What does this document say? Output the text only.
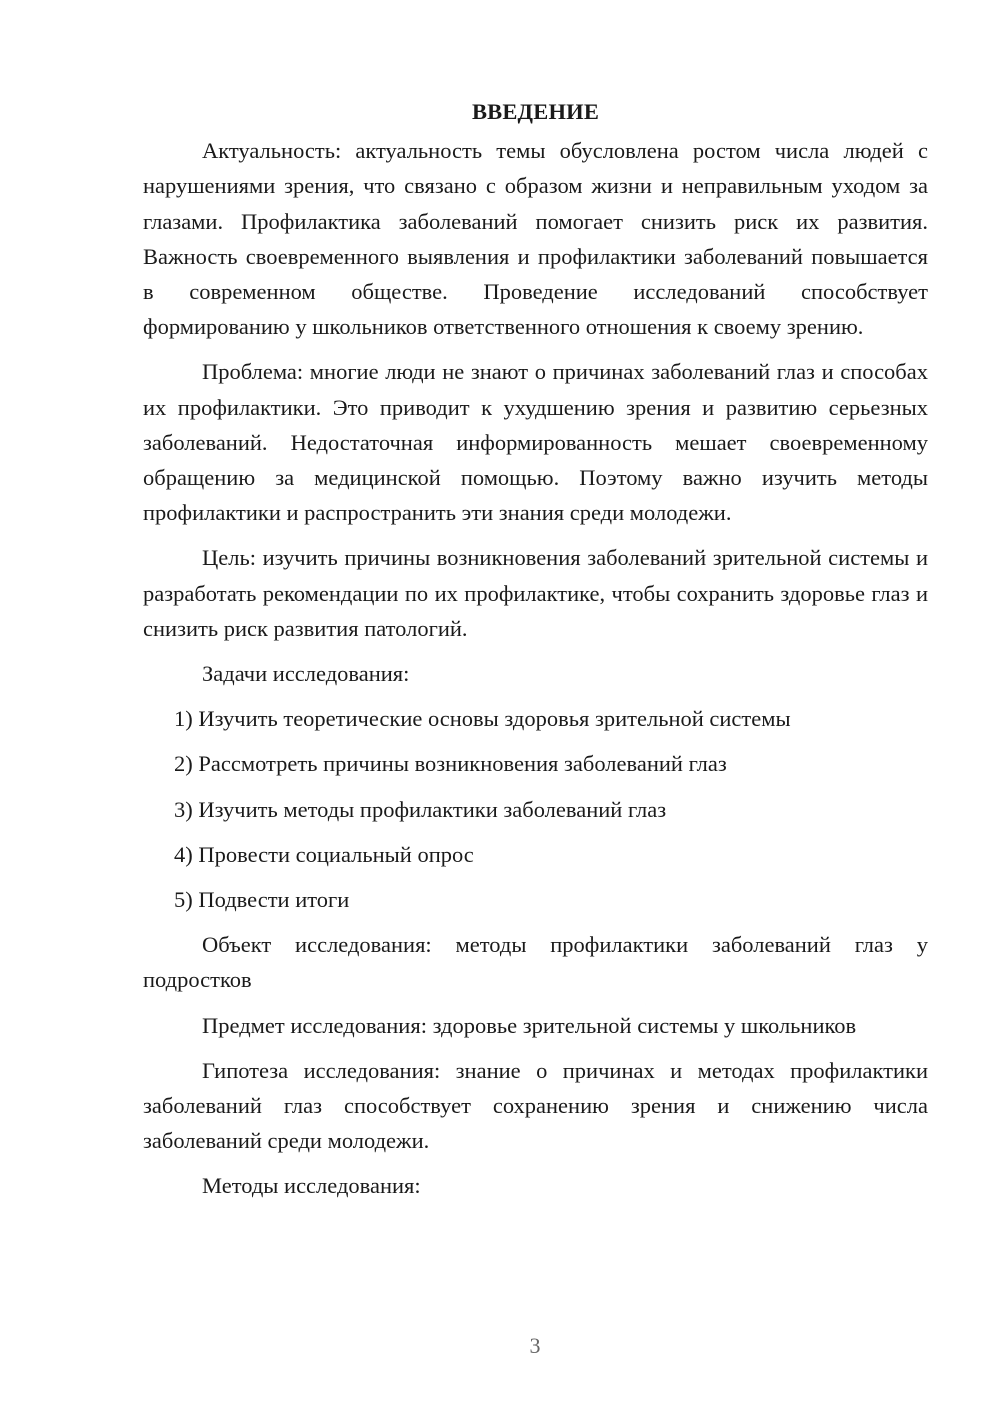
ВВЕДЕНИЕ

Актуальность: актуальность темы обусловлена ростом числа людей с нарушениями зрения, что связано с образом жизни и неправильным уходом за глазами. Профилактика заболеваний помогает снизить риск их развития. Важность своевременного выявления и профилактики заболеваний повышается в современном обществе. Проведение исследований способствует формированию у школьников ответственного отношения к своему зрению.

Проблема: многие люди не знают о причинах заболеваний глаз и способах их профилактики. Это приводит к ухудшению зрения и развитию серьезных заболеваний. Недостаточная информированность мешает своевременному обращению за медицинской помощью. Поэтому важно изучить методы профилактики и распространить эти знания среди молодежи.

Цель: изучить причины возникновения заболеваний зрительной системы и разработать рекомендации по их профилактике, чтобы сохранить здоровье глаз и снизить риск развития патологий.

Задачи исследования:

1) Изучить теоретические основы здоровья зрительной системы
2) Рассмотреть причины возникновения заболеваний глаз
3) Изучить методы профилактики заболеваний глаз
4) Провести социальный опрос
5) Подвести итоги

Объект исследования: методы профилактики заболеваний глаз у подростков

Предмет исследования: здоровье зрительной системы у школьников

Гипотеза исследования: знание о причинах и методах профилактики заболеваний глаз способствует сохранению зрения и снижению числа заболеваний среди молодежи.

Методы исследования:

3
